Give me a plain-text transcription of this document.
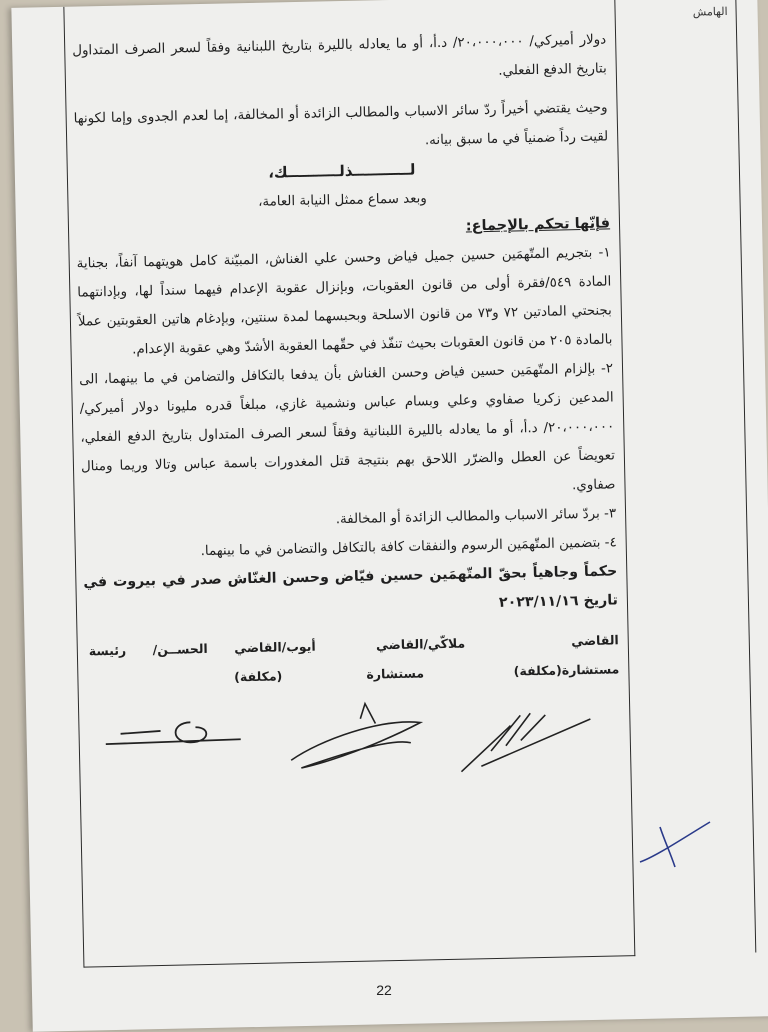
الهامش

دولار أميركي/ ٢٠،٠٠٠،٠٠٠/ د.أ، أو ما يعادله بالليرة بتاريخ اللبنانية وفقاً لسعر الصرف المتداول بتاريخ الدفع الفعلي.

وحيث يقتضي أخيراً ردّ سائر الاسباب والمطالب الزائدة أو المخالفة، إما لعدم الجدوى وإما لكونها لقيت رداً ضمنياً في ما سبق بيانه.

لـــــــــــذلــــــــــك،

وبعد سماع ممثل النيابة العامة،

فإنّها تحكم بالإجماع:

١- بتجريم المتّهمَين حسين جميل فياض وحسن علي الغناش، المبيّنة كامل هويتهما آنفاً، بجناية المادة ٥٤٩/فقرة أولى من قانون العقوبات، وبإنزال عقوبة الإعدام فيهما سنداً لها، وبإدانتهما بجنحتي المادتين ٧٢ و٧٣ من قانون الاسلحة وبحبسهما لمدة سنتين، وبإدغام هاتين العقوبتين عملاً بالمادة ٢٠٥ من قانون العقوبات بحيث تنفّذ في حقّهما العقوبة الأشدّ وهي عقوبة الإعدام.

٢- بإلزام المتّهمَين حسين فياض وحسن الغناش بأن يدفعا بالتكافل والتضامن في ما بينهما، الى المدعين زكريا صفاوي وعلي وبسام عباس ونشمية غازي، مبلغاً قدره مليونا دولار أميركي/ ٢٠،٠٠٠،٠٠٠/ د.أ، أو ما يعادله بالليرة اللبنانية وفقاً لسعر الصرف المتداول بتاريخ الدفع الفعلي، تعويضاً عن العطل والضرّر اللاحق بهم بنتيجة قتل المغدورات باسمة عباس وتالا وريما ومنال صفاوي.

٣- بردّ سائر الاسباب والمطالب الزائدة أو المخالفة.

٤- بتضمين المتّهمَين الرسوم والنفقات كافة بالتكافل والتضامن في ما بينهما.

حكماً وجاهياً بحقّ المتّهمَين حسين فيّاض وحسن الغنّاش صدر في بيروت في تاريخ ٢٠٢٣/١١/١٦

القاضي ملاكّي/ مستشارة(مكلفة)
القاضي أيوب/ مستشارة
القاضي الحســن/ رئيسة (مكلفة)
22
